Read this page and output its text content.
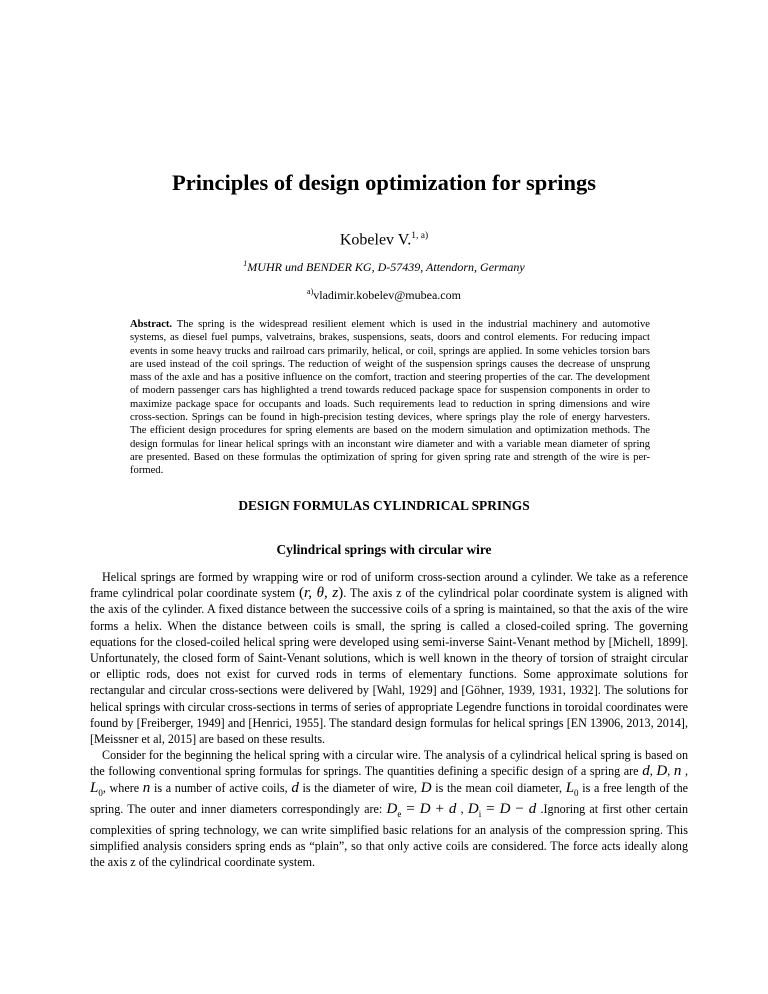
Principles of design optimization for springs
Kobelev V.$^{1, a)}$
$^1$MUHR und BENDER KG, D-57439, Attendorn, Germany
$^{a)}$vladimir.kobelev@mubea.com
Abstract. The spring is the widespread resilient element which is used in the industrial machinery and automotive systems, as diesel fuel pumps, valvetrains, brakes, suspensions, seats, doors and control elements. For reducing impact events in some heavy trucks and railroad cars primarily, helical, or coil, springs are applied. In some vehicles torsion bars are used instead of the coil springs. The reduction of weight of the suspension springs causes the decrease of unsprung mass of the axle and has a positive influence on the comfort, traction and steering properties of the car. The development of modern passenger cars has highlighted a trend towards reduced package space for suspension components in order to maximize package space for occupants and loads. Such requirements lead to reduction in spring dimensions and wire cross-section. Springs can be found in high-precision testing devices, where springs play the role of energy harvesters. The efficient design procedures for spring elements are based on the modern simulation and optimization methods. The design formulas for linear helical springs with an inconstant wire diameter and with a variable mean diameter of spring are presented. Based on these formulas the optimization of spring for given spring rate and strength of the wire is per-formed.
DESIGN FORMULAS CYLINDRICAL SPRINGS
Cylindrical springs with circular wire

Helical springs are formed by wrapping wire or rod of uniform cross-section around a cylinder. We take as a reference frame cylindrical polar coordinate system (r, θ, z). The axis z of the cylindrical polar coordinate system is aligned with the axis of the cylinder. A fixed distance between the successive coils of a spring is maintained, so that the axis of the wire forms a helix. When the distance between coils is small, the spring is called a closed-coiled spring. The governing equations for the closed-coiled helical spring were developed using semi-inverse Saint-Venant method by [Michell, 1899]. Unfortunately, the closed form of Saint-Venant solutions, which is well known in the theory of torsion of straight circular or elliptic rods, does not exist for curved rods in terms of elementary functions. Some approximate solutions for rectangular and circular cross-sections were delivered by [Wahl, 1929] and [Göhner, 1939, 1931, 1932]. The solutions for helical springs with circular cross-sections in terms of series of appropriate Legendre functions in toroidal coordinates were found by [Freiberger, 1949] and [Henrici, 1955]. The standard design formulas for helical springs [EN 13906, 2013, 2014], [Meissner et al, 2015] are based on these results.

Consider for the beginning the helical spring with a circular wire. The analysis of a cylindrical helical spring is based on the following conventional spring formulas for springs. The quantities defining a specific design of a spring are d, D, n , $L_0$, where n is a number of active coils, d is the diameter of wire, D is the mean coil diameter, $L_0$ is a free length of the spring. The outer and inner diameters correspondingly are: $D_e = D + d$ , $D_i = D - d$ .Ignoring at first other certain complexities of spring technology, we can write simplified basic relations for an analysis of the compression spring. This simplified analysis considers spring ends as “plain”, so that only active coils are considered. The force acts ideally along the axis z of the cylindrical coordinate system.
